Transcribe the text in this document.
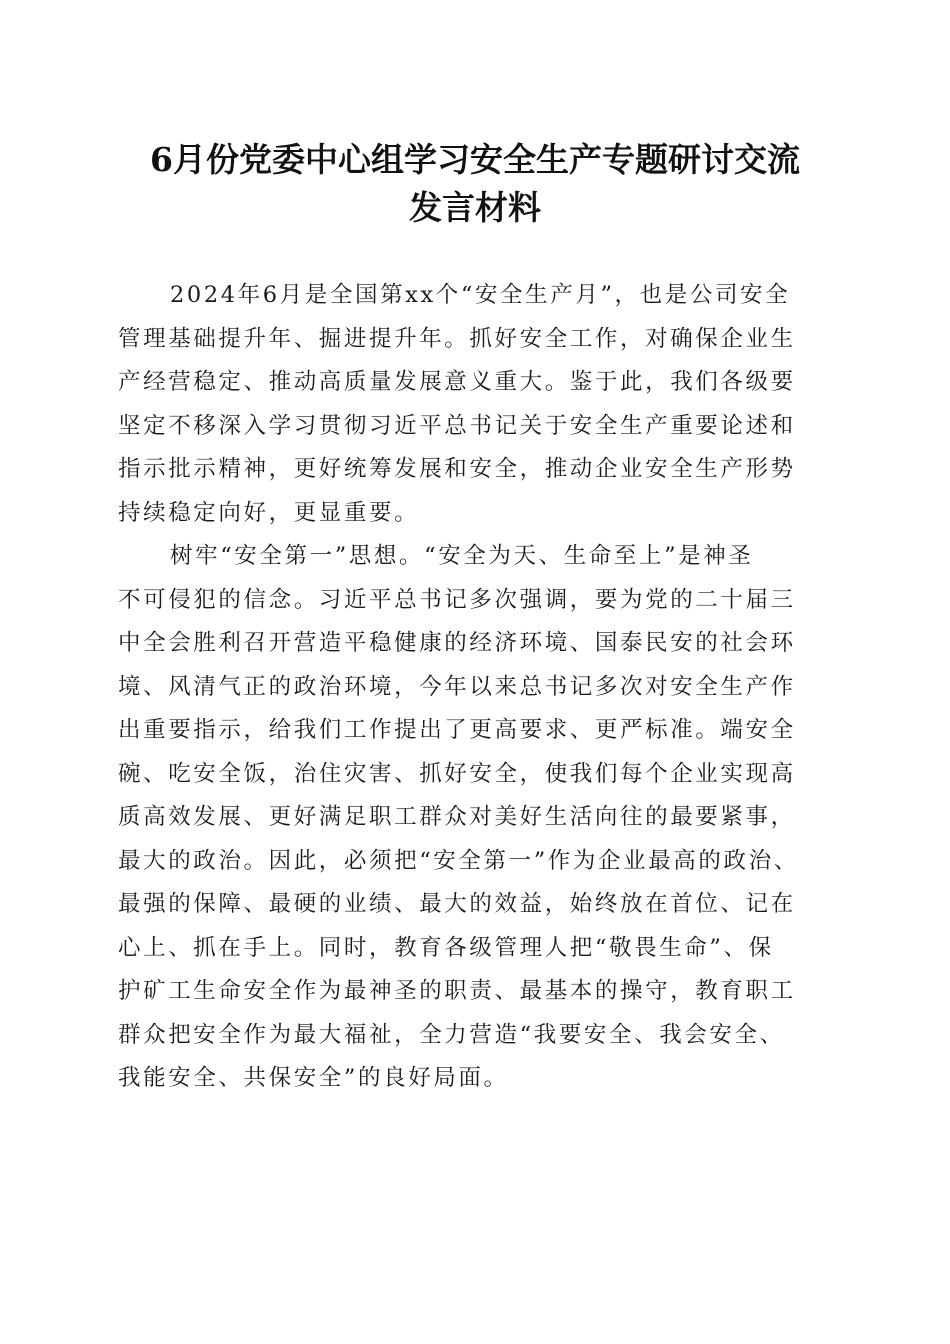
6月份党委中心组学习安全生产专题研讨交流
发言材料
2024年6月是全国第xx个“安全生产月”，也是公司安全
管理基础提升年、掘进提升年。抓好安全工作，对确保企业生
产经营稳定、推动高质量发展意义重大。鉴于此，我们各级要
坚定不移深入学习贯彻习近平总书记关于安全生产重要论述和
指示批示精神，更好统筹发展和安全，推动企业安全生产形势
持续稳定向好，更显重要。
树牢“安全第一”思想。“安全为天、生命至上”是神圣
不可侵犯的信念。习近平总书记多次强调，要为党的二十届三
中全会胜利召开营造平稳健康的经济环境、国泰民安的社会环
境、风清气正的政治环境，今年以来总书记多次对安全生产作
出重要指示，给我们工作提出了更高要求、更严标准。端安全
碗、吃安全饭，治住灾害、抓好安全，使我们每个企业实现高
质高效发展、更好满足职工群众对美好生活向往的最要紧事，
最大的政治。因此，必须把“安全第一”作为企业最高的政治、
最强的保障、最硬的业绩、最大的效益，始终放在首位、记在
心上、抓在手上。同时，教育各级管理人把“敬畏生命”、保
护矿工生命安全作为最神圣的职责、最基本的操守，教育职工
群众把安全作为最大福祉，全力营造“我要安全、我会安全、
我能安全、共保安全”的良好局面。
